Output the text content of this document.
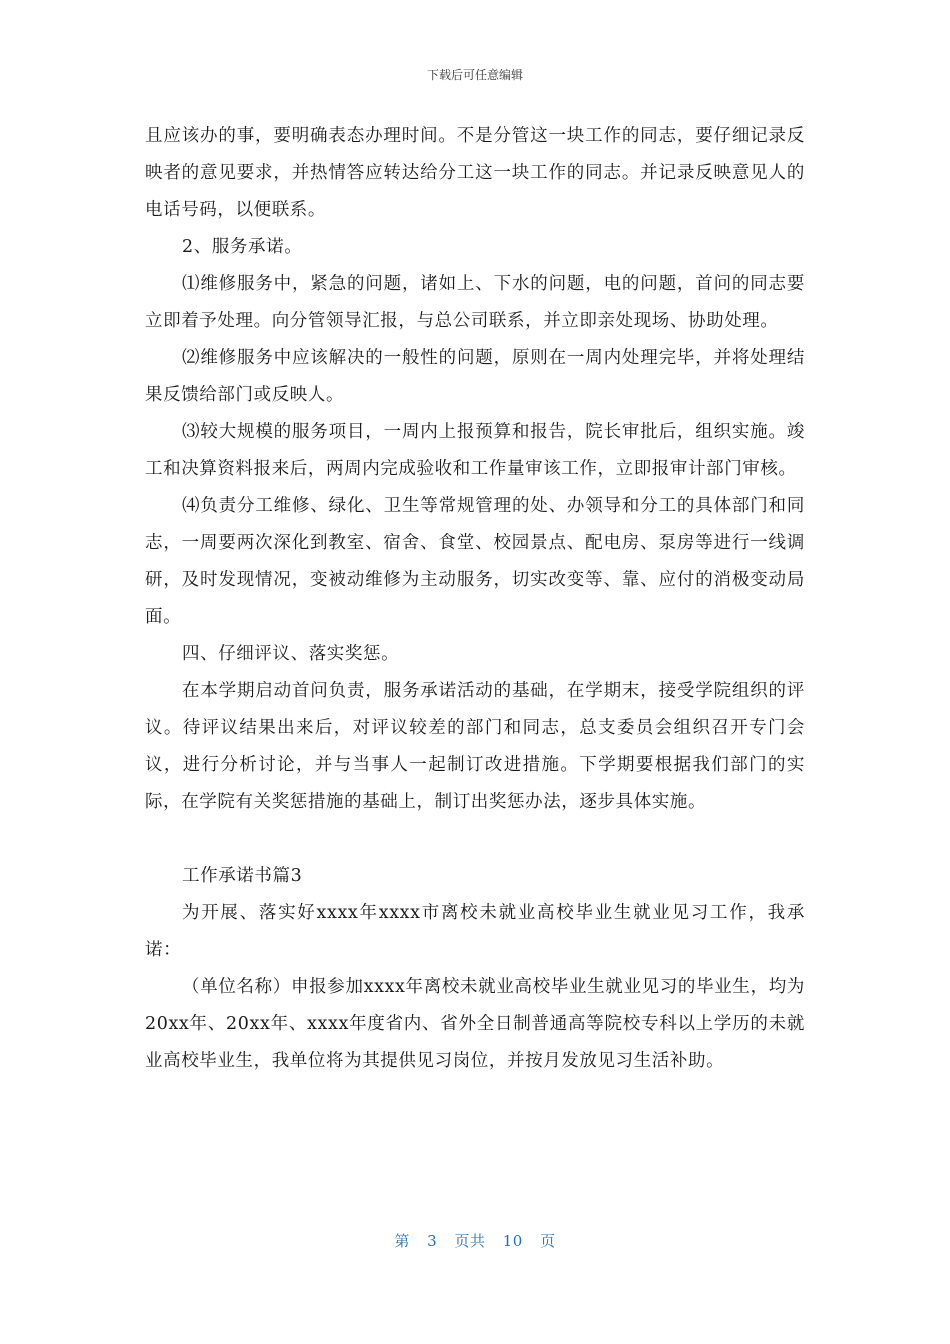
下载后可任意编辑

且应该办的事，要明确表态办理时间。不是分管这一块工作的同志，要仔细记录反映者的意见要求，并热情答应转达给分工这一块工作的同志。并记录反映意见人的电话号码，以便联系。

2、服务承诺。

⑴维修服务中，紧急的问题，诸如上、下水的问题，电的问题，首问的同志要立即着予处理。向分管领导汇报，与总公司联系，并立即亲处现场、协助处理。

⑵维修服务中应该解决的一般性的问题，原则在一周内处理完毕，并将处理结果反馈给部门或反映人。

⑶较大规模的服务项目，一周内上报预算和报告，院长审批后，组织实施。竣工和决算资料报来后，两周内完成验收和工作量审该工作，立即报审计部门审核。

⑷负责分工维修、绿化、卫生等常规管理的处、办领导和分工的具体部门和同志，一周要两次深化到教室、宿舍、食堂、校园景点、配电房、泵房等进行一线调研，及时发现情况，变被动维修为主动服务，切实改变等、靠、应付的消极变动局面。

四、仔细评议、落实奖惩。

在本学期启动首问负责，服务承诺活动的基础，在学期末，接受学院组织的评议。待评议结果出来后，对评议较差的部门和同志，总支委员会组织召开专门会议，进行分析讨论，并与当事人一起制订改进措施。下学期要根据我们部门的实际，在学院有关奖惩措施的基础上，制订出奖惩办法，逐步具体实施。

工作承诺书篇3

为开展、落实好xxxx年xxxx市离校未就业高校毕业生就业见习工作，我承诺：

（单位名称）申报参加xxxx年离校未就业高校毕业生就业见习的毕业生，均为20xx年、20xx年、xxxx年度省内、省外全日制普通高等院校专科以上学历的未就业高校毕业生，我单位将为其提供见习岗位，并按月发放见习生活补助。

第 3 页共 10 页
